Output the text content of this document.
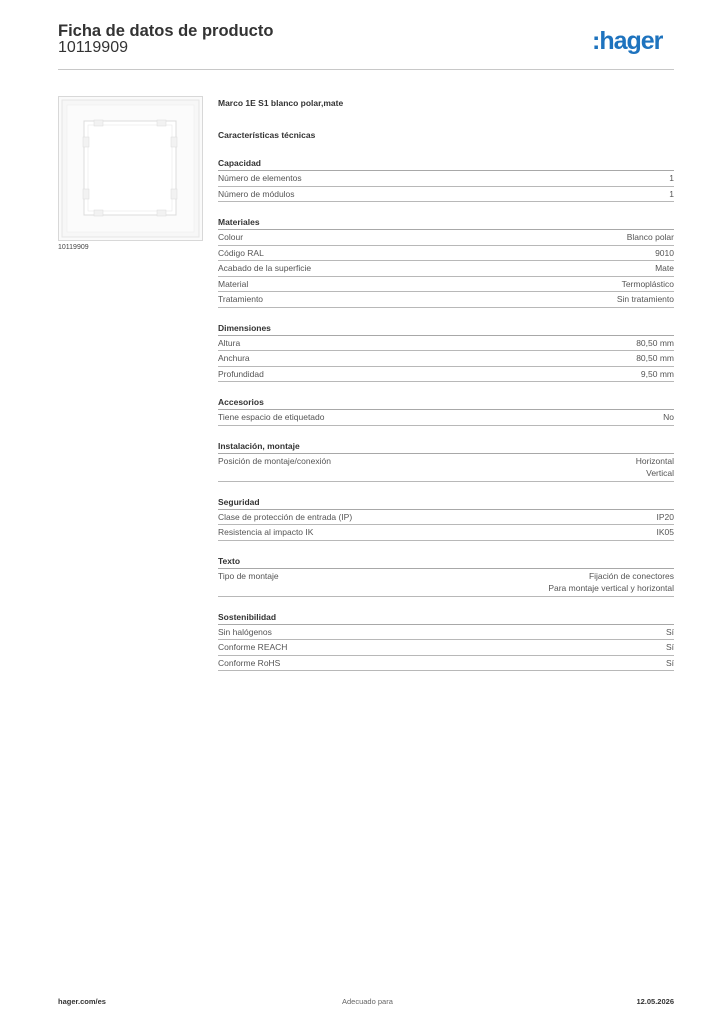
Ficha de datos de producto
10119909	:hager
10119909
Marco 1E S1 blanco polar,mate
Características técnicas
Capacidad
Número de elementos	1
Número de módulos	1
Materiales
Colour	Blanco polar
Código RAL	9010
Acabado de la superficie	Mate
Material	Termoplástico
Tratamiento	Sin tratamiento
Dimensiones
Altura	80,50 mm
Anchura	80,50 mm
Profundidad	9,50 mm
Accesorios
Tiene espacio de etiquetado	No
Instalación, montaje
Posición de montaje/conexión	Horizontal
Vertical
Seguridad
Clase de protección de entrada (IP)	IP20
Resistencia al impacto IK	IK05
Texto
Tipo de montaje	Fijación de conectores
Para montaje vertical y horizontal
Sostenibilidad
Sin halógenos	Sí
Conforme REACH	Sí
Conforme RoHS	Sí
hager.com/es	Adecuado para	12.05.2026
